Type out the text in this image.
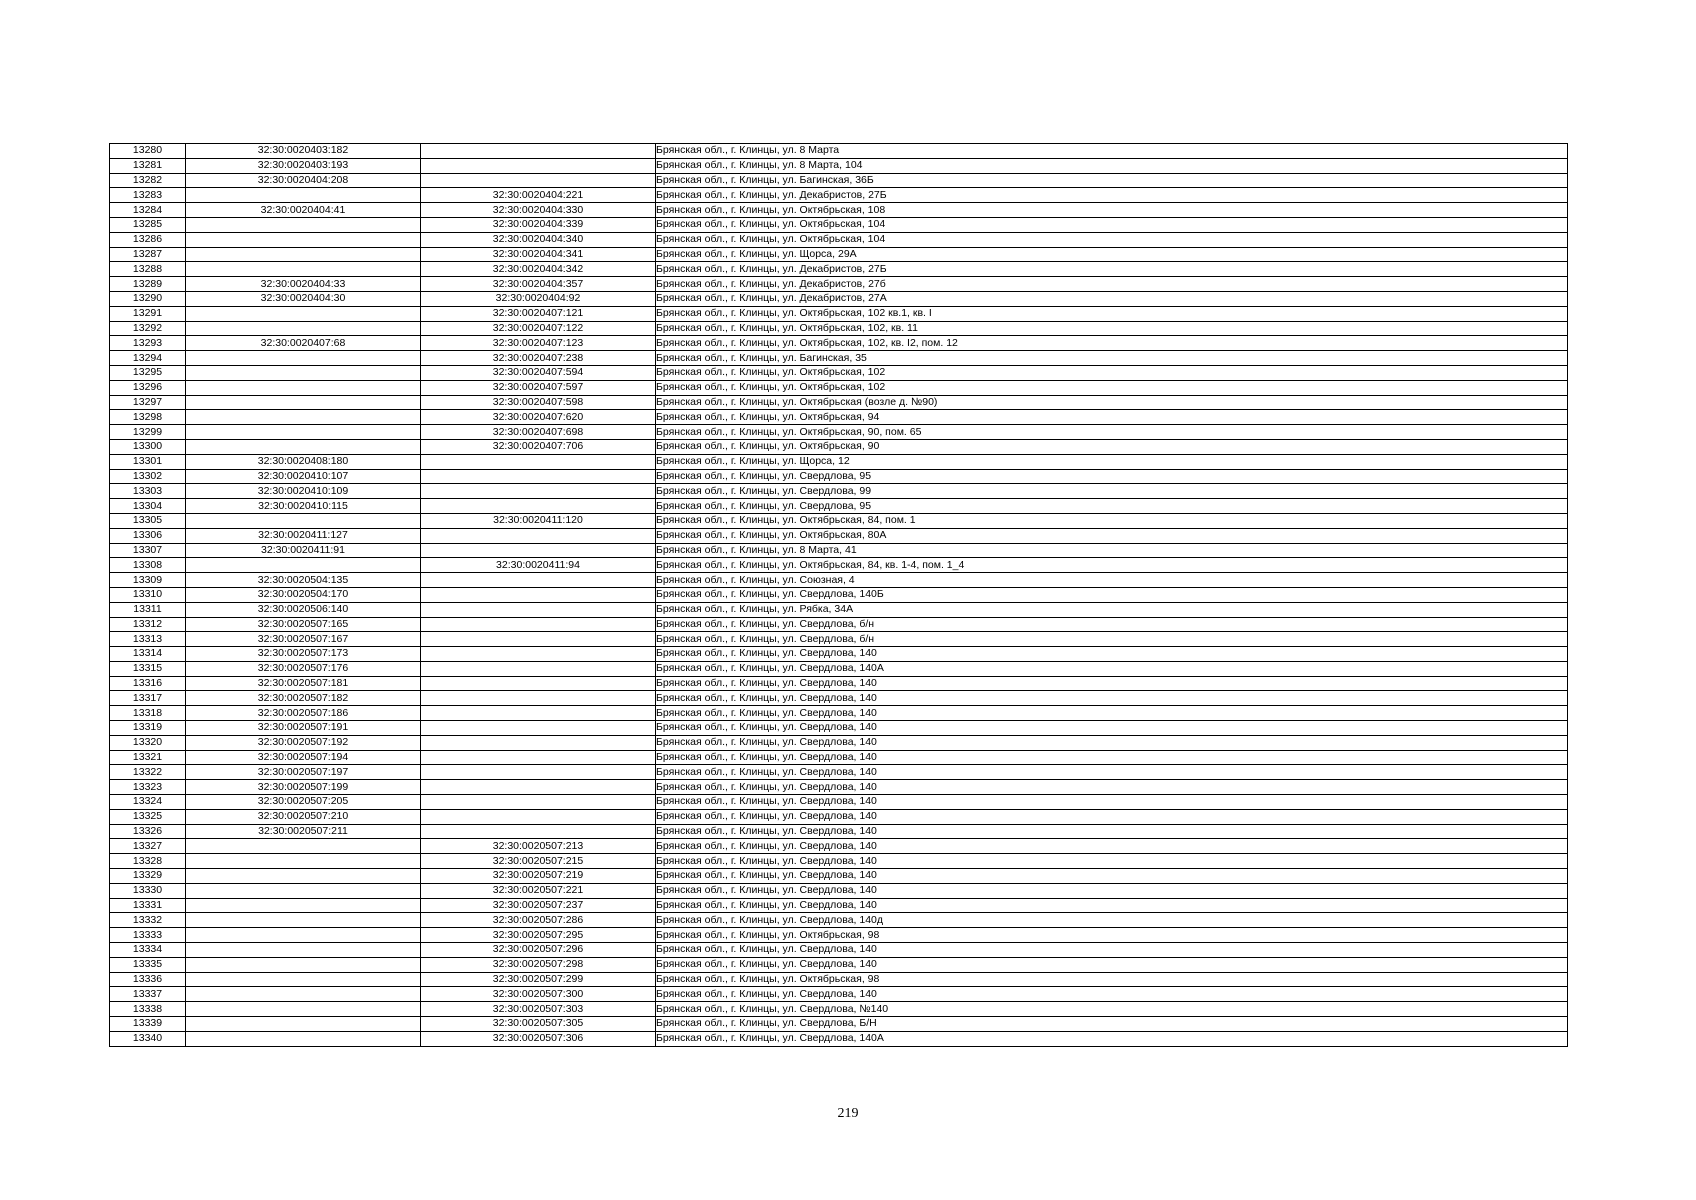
13280	32:30:0020403:182		Брянская обл., г. Клинцы, ул. 8 Марта
13281	32:30:0020403:193		Брянская обл., г. Клинцы, ул. 8 Марта, 104
13282	32:30:0020404:208		Брянская обл., г. Клинцы, ул. Багинская, 36Б
13283		32:30:0020404:221	Брянская обл., г. Клинцы, ул. Декабристов, 27Б
13284	32:30:0020404:41	32:30:0020404:330	Брянская обл., г. Клинцы, ул. Октябрьская, 108
13285		32:30:0020404:339	Брянская обл., г. Клинцы, ул. Октябрьская, 104
13286		32:30:0020404:340	Брянская обл., г. Клинцы, ул. Октябрьская, 104
13287		32:30:0020404:341	Брянская обл., г. Клинцы, ул. Щорса, 29А
13288		32:30:0020404:342	Брянская обл., г. Клинцы, ул. Декабристов, 27Б
13289	32:30:0020404:33	32:30:0020404:357	Брянская обл., г. Клинцы, ул. Декабристов, 27б
13290	32:30:0020404:30	32:30:0020404:92	Брянская обл., г. Клинцы, ул. Декабристов, 27А
13291		32:30:0020407:121	Брянская обл., г. Клинцы, ул. Октябрьская, 102 кв.1, кв. I
13292		32:30:0020407:122	Брянская обл., г. Клинцы, ул. Октябрьская, 102, кв. 11
13293	32:30:0020407:68	32:30:0020407:123	Брянская обл., г. Клинцы, ул. Октябрьская, 102, кв. I2, пом. 12
13294		32:30:0020407:238	Брянская обл., г. Клинцы, ул. Багинская, 35
13295		32:30:0020407:594	Брянская обл., г. Клинцы, ул. Октябрьская, 102
13296		32:30:0020407:597	Брянская обл., г. Клинцы, ул. Октябрьская, 102
13297		32:30:0020407:598	Брянская обл., г. Клинцы, ул. Октябрьская (возле д. №90)
13298		32:30:0020407:620	Брянская обл., г. Клинцы, ул. Октябрьская, 94
13299		32:30:0020407:698	Брянская обл., г. Клинцы, ул. Октябрьская, 90, пом. 65
13300		32:30:0020407:706	Брянская обл., г. Клинцы, ул. Октябрьская, 90
13301	32:30:0020408:180		Брянская обл., г. Клинцы, ул. Щорса, 12
13302	32:30:0020410:107		Брянская обл., г. Клинцы, ул. Свердлова, 95
13303	32:30:0020410:109		Брянская обл., г. Клинцы, ул. Свердлова, 99
13304	32:30:0020410:115		Брянская обл., г. Клинцы, ул. Свердлова, 95
13305		32:30:0020411:120	Брянская обл., г. Клинцы, ул. Октябрьская, 84, пом. 1
13306	32:30:0020411:127		Брянская обл., г. Клинцы, ул. Октябрьская, 80А
13307	32:30:0020411:91		Брянская обл., г. Клинцы, ул. 8 Марта, 41
13308		32:30:0020411:94	Брянская обл., г. Клинцы, ул. Октябрьская, 84, кв. 1-4, пом. 1_4
13309	32:30:0020504:135		Брянская обл., г. Клинцы, ул. Союзная, 4
13310	32:30:0020504:170		Брянская обл., г. Клинцы, ул. Свердлова, 140Б
13311	32:30:0020506:140		Брянская обл., г. Клинцы, ул. Рябка, 34А
13312	32:30:0020507:165		Брянская обл., г. Клинцы, ул. Свердлова, б/н
13313	32:30:0020507:167		Брянская обл., г. Клинцы, ул. Свердлова, б/н
13314	32:30:0020507:173		Брянская обл., г. Клинцы, ул. Свердлова, 140
13315	32:30:0020507:176		Брянская обл., г. Клинцы, ул. Свердлова, 140А
13316	32:30:0020507:181		Брянская обл., г. Клинцы, ул. Свердлова, 140
13317	32:30:0020507:182		Брянская обл., г. Клинцы, ул. Свердлова, 140
13318	32:30:0020507:186		Брянская обл., г. Клинцы, ул. Свердлова, 140
13319	32:30:0020507:191		Брянская обл., г. Клинцы, ул. Свердлова, 140
13320	32:30:0020507:192		Брянская обл., г. Клинцы, ул. Свердлова, 140
13321	32:30:0020507:194		Брянская обл., г. Клинцы, ул. Свердлова, 140
13322	32:30:0020507:197		Брянская обл., г. Клинцы, ул. Свердлова, 140
13323	32:30:0020507:199		Брянская обл., г. Клинцы, ул. Свердлова, 140
13324	32:30:0020507:205		Брянская обл., г. Клинцы, ул. Свердлова, 140
13325	32:30:0020507:210		Брянская обл., г. Клинцы, ул. Свердлова, 140
13326	32:30:0020507:211		Брянская обл., г. Клинцы, ул. Свердлова, 140
13327		32:30:0020507:213	Брянская обл., г. Клинцы, ул. Свердлова, 140
13328		32:30:0020507:215	Брянская обл., г. Клинцы, ул. Свердлова, 140
13329		32:30:0020507:219	Брянская обл., г. Клинцы, ул. Свердлова, 140
13330		32:30:0020507:221	Брянская обл., г. Клинцы, ул. Свердлова, 140
13331		32:30:0020507:237	Брянская обл., г. Клинцы, ул. Свердлова, 140
13332		32:30:0020507:286	Брянская обл., г. Клинцы, ул. Свердлова, 140д
13333		32:30:0020507:295	Брянская обл., г. Клинцы, ул. Октябрьская, 98
13334		32:30:0020507:296	Брянская обл., г. Клинцы, ул. Свердлова, 140
13335		32:30:0020507:298	Брянская обл., г. Клинцы, ул. Свердлова, 140
13336		32:30:0020507:299	Брянская обл., г. Клинцы, ул. Октябрьская, 98
13337		32:30:0020507:300	Брянская обл., г. Клинцы, ул. Свердлова, 140
13338		32:30:0020507:303	Брянская обл., г. Клинцы, ул. Свердлова, №140
13339		32:30:0020507:305	Брянская обл., г. Клинцы, ул. Свердлова, Б/Н
13340		32:30:0020507:306	Брянская обл., г. Клинцы, ул. Свердлова, 140А
219
